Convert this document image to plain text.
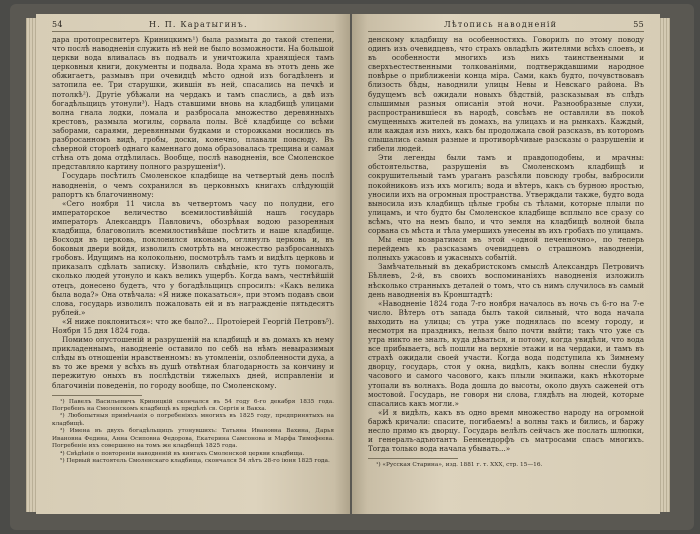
54	Н. П. Каратыгинъ.

дара протопресвитеръ Криницкимъ¹) была размыта до такой степени, что послѣ наводненія служить нѣ ней не было возможности. На большой церкви вода вливалась въ подвалъ и уничтожила хранящіеся тамъ церковныя книги, документы и подвала. Вода храма въ этотъ день же обжигаетъ, размывъ при очевидцѣ мѣсто одной изъ богадѣленъ и затопила ее. Три старушки, жившія въ ней, спасались на печкѣ и потолкѣ²). Другіе убѣжали на чердакъ и тамъ спаслись, а двѣ изъ богадѣльщицъ утонули³). Надъ ставшими вновь на кладбищѣ улицами волна гнала лодки, ломала и разбросала множество деревянныхъ крестовъ, размыла могилы, сорвала полы. Всё кладбище со всѣми заборами, сараями, деревянными будками и сторожками носились въ разбросанномъ видѣ, гробы, доски, конечно, плавали повсюду. Въ сѣверной сторонѣ однаго каменнаго дома образовалась трещина и самая стѣна отъ дома отдѣлилась. Вообще, послѣ наводненія, все Смоленское представляло картину полного разрушенія⁴).

Государь посѣтилъ Смоленское кладбище на четвертый день послѣ наводненія, о чемъ сохранился въ церковныхъ книгахъ слѣдующій рапортъ къ благочинному:

«Сего ноября 11 числа въ четвертомъ часу по полудни, его императорское величество всемилостивѣйшій нашъ государь императоръ Александръ Павловичъ, обозрѣвая водою разоренныя кладбища, благоволилъ всемилостивѣйше посѣтить и наше кладбище. Восходя въ церковь, поклонился иконамъ, оглянулъ церковь и, въ боковыя двери войдя, изволилъ смотрѣть на множество разбросанныхъ гробовъ. Идущимъ на колокольню, посмотрѣлъ тамъ и видѣлъ церковь и приказалъ сдѣлать записку. Изволилъ свѣдѣніе, кто тутъ помогалъ, сколько людей утонуло и какъ великъ ущербъ. Когда вамъ, честнѣйшій отецъ, донесено будетъ, что у богадѣльщицъ спросилъ: «Какъ велика была вода?» Она отвѣчала: «Я ниже показаться», при этомъ подавъ свои слова, государь изволилъ пожаловать ей и въ награжденіе пятьдесятъ рублей.»

«Я ниже поклониться»: что же было?... Протоіерей Георгій Петровъ⁵). Ноября 15 дня 1824 года.

Помимо опустошеній и разрушеній на кладбищѣ и въ домахъ къ нему прикладеннымъ, наводненіе оставило по себѣ на нѣмъ невыразимыя слѣды въ отношеніи нравственномъ: въ утомленіи, озлобленности духа, а въ то же время у всѣхъ въ душѣ отвѣтная благодарность за кончину и пережитую оныхъ въ послѣдствіи тяжелыхъ дней, исправленіи и благочиніи поведенія, по городу вообще, по Смоленскому.

¹) Павелъ Васильевичъ Криницкій скончался въ 54 году 6-го декабря 1835 года. Погребенъ на Смоленскомъ кладбищѣ въ придѣлѣ св. Сергія и Вакха.

²) Любопытныя примѣчанія о погребеніяхъ многихъ въ 1825 году, предпринятыхъ на кладбищѣ.

³) Имена въ двухъ богадѣльщицъ утонувшихъ: Татьяна Ивановна Вахина, Дарья Ивановна Федина, Анна Осиповна Федорова, Екатерина Самсонова и Марфа Тимофеева. Погребеніе ихъ совершено на томъ же кладбищѣ 1825 года.

⁴) Свѣдѣнія о повтореніи наводненій въ книгахъ Смоленской церкви кладбища.

⁵) Первый настоятель Смоленскаго кладбища, скончался 54 лѣтъ 28-го іюня 1825 года.

Лѣтопись наводненій	55

денскому кладбищу на особенностяхъ. Говорилъ по этому поводу одинъ изъ очевидцевъ, что страхъ овладѣлъ жителями всѣхъ слоевъ, и въ особенности многихъ изъ нихъ таинственными и сверхъестественными толкованіями, подтверждавшими народное повѣрье о приближеніи конца міра. Сами, какъ будто, почувствовавъ близость бѣды, наводнили улицы Невы и Невскаго района. Въ будущемъ всѣ ожидали новыхъ бѣдствій, разсказывая въ слѣдъ слышимыя разныя описанія этой ночи. Разнообразные слухи, распространившіеся въ народѣ, совсѣмъ не оставляли въ покоѣ смущенныхъ жителей въ домахъ, на улицахъ и на рынкахъ. Каждый, или каждая изъ нихъ, какъ бы продолжала свой разсказъ, въ которомъ слышались самыя разные и противорѣчивые разсказы о разрушеніи и гибели людей.

Эти легенды были тамъ и правдоподобны, и мрачны: обстоятельства, разрушенія въ Смоленскомъ кладбищѣ и сокрушительный тамъ ураганъ разсѣяли повсюду гробы, выбросили покойниковъ изъ ихъ могилъ; вода и вѣтеръ, какъ съ бурною яростью, уносили ихъ на огромныя пространства. Утверждали также, будто вода выносила изъ кладбищъ цѣлые гробы съ тѣлами, которые плыли по улицамъ, и что будто бы Смоленское кладбище всплыло все сразу со всѣмъ, что на немъ было, и что земля на кладбищѣ волной была сорвана съ мѣста и тѣла умершихъ унесены въ ихъ гробахъ по улицамъ.

Мы еще возвратимся въ этой «одной печенночно», по теперь перейдемъ къ разсказамъ очевидцевъ о страшномъ наводненіи, полныхъ ужасовъ и ужасныхъ событій.

Замѣчательный въ декабристскомъ смыслѣ Александръ Петровичъ Бѣляевъ, 2-й, въ своихъ воспоминаніяхъ наводненія изложилъ нѣсколько странныхъ деталей о томъ, что съ нимъ случилось въ самый день наводненія въ Кронштадтѣ:

«Наводненіе 1824 года 7-го ноября началось въ ночь съ 6-го на 7-е число. Вѣтеръ отъ запада былъ такой сильный, что вода начала выходить на улицы; съ утра уже поднялась по всему городу, и несмотря на праздникъ, нельзя было почти выйти; такъ что уже съ утра никто не зналъ, куда дѣваться, и потому, когда увидѣли, что вода все прибываетъ, всѣ пошли на верхніе этажи и на чердаки, и тамъ въ страхѣ ожидали своей участи. Когда вода подступила къ Зимнему дворцу, государь, стоя у окна, видѣлъ, какъ волны снесли будку часового и самого часового, какъ плыли экипажи, какъ нѣкоторые утопали въ волнахъ. Вода дошла до высоты, около двухъ саженей отъ мостовой. Государь, не говоря ни слова, глядѣлъ на людей, которые спасались какъ могли.»

«И я видѣлъ, какъ въ одно время множество народу на огромной баржѣ кричали: спасите, погибаемъ! а волны такъ и бились, и баржу несло прямо къ дворцу. Государь велѣлъ сейчасъ же послать шлюпки, и генералъ-адъютантъ Бенкендорфъ съ матросами спасъ многихъ. Тогда только вода начала убывать...»

¹) «Русская Старина», изд. 1881 г. т. XXX, стр. 15—16.
